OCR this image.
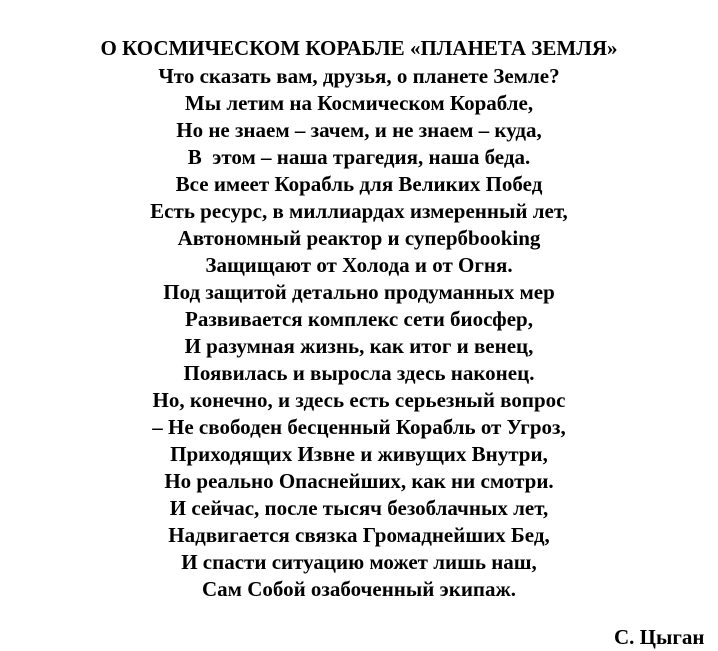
О КОСМИЧЕСКОМ КОРАБЛЕ «ПЛАНЕТА ЗЕМЛЯ»
Что сказать вам, друзья, о планете Земле?
Мы летим на Космическом Корабле,
Но не знаем – зачем, и не знаем – куда,
В  этом – наша трагедия, наша беда.
Все имеет Корабль для Великих Побед
Есть ресурс, в миллиардах измеренный лет,
Автономный реактор и супербbooking
Защищают от Холода и от Огня.
Под защитой детально продуманных мер
Развивается комплекс сети биосфер,
И разумная жизнь, как итог и венец,
Появилась и выросла здесь наконец.
Но, конечно, и здесь есть серьезный вопрос
– Не свободен бесценный Корабль от Угроз,
Приходящих Извне и живущих Внутри,
Но реально Опаснейших, как ни смотри.
И сейчас, после тысяч безоблачных лет,
Надвигается связка Громаднейших Бед,
И спасти ситуацию может лишь наш,
Сам Собой озабоченный экипаж.
С. Цыган
